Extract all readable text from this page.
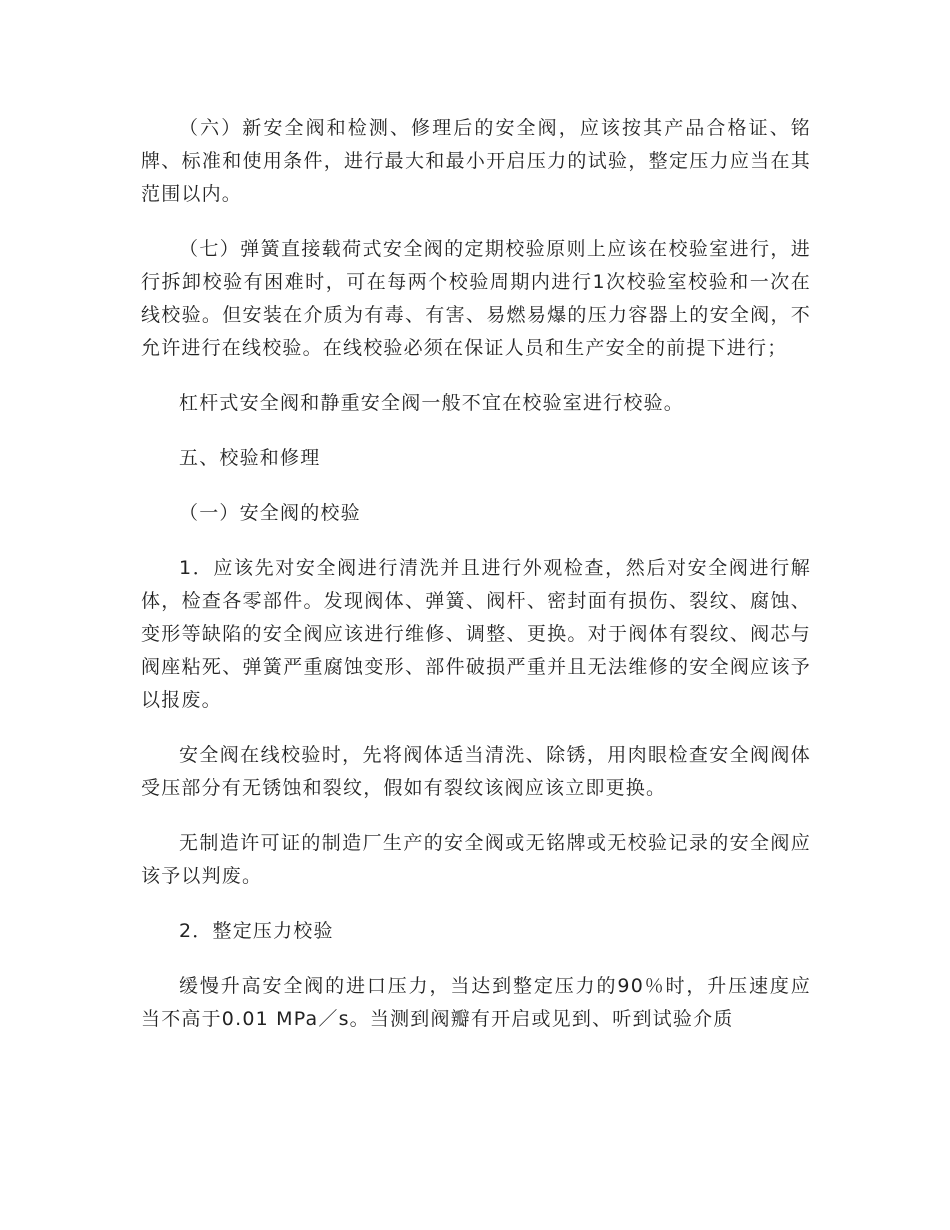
（六）新安全阀和检测、修理后的安全阀，应该按其产品合格证、铭牌、标准和使用条件，进行最大和最小开启压力的试验，整定压力应当在其范围以内。

（七）弹簧直接载荷式安全阀的定期校验原则上应该在校验室进行，进行拆卸校验有困难时，可在每两个校验周期内进行1次校验室校验和一次在线校验。但安装在介质为有毒、有害、易燃易爆的压力容器上的安全阀，不允许进行在线校验。在线校验必须在保证人员和生产安全的前提下进行；

杠杆式安全阀和静重安全阀一般不宜在校验室进行校验。

五、校验和修理

（一）安全阀的校验

1．应该先对安全阀进行清洗并且进行外观检查，然后对安全阀进行解体，检查各零部件。发现阀体、弹簧、阀杆、密封面有损伤、裂纹、腐蚀、变形等缺陷的安全阀应该进行维修、调整、更换。对于阀体有裂纹、阀芯与阀座粘死、弹簧严重腐蚀变形、部件破损严重并且无法维修的安全阀应该予以报废。

安全阀在线校验时，先将阀体适当清洗、除锈，用肉眼检查安全阀阀体受压部分有无锈蚀和裂纹，假如有裂纹该阀应该立即更换。

无制造许可证的制造厂生产的安全阀或无铭牌或无校验记录的安全阀应该予以判废。

2．整定压力校验

缓慢升高安全阀的进口压力，当达到整定压力的90％时，升压速度应当不高于0.01 MPa／s。当测到阀瓣有开启或见到、听到试验介质
